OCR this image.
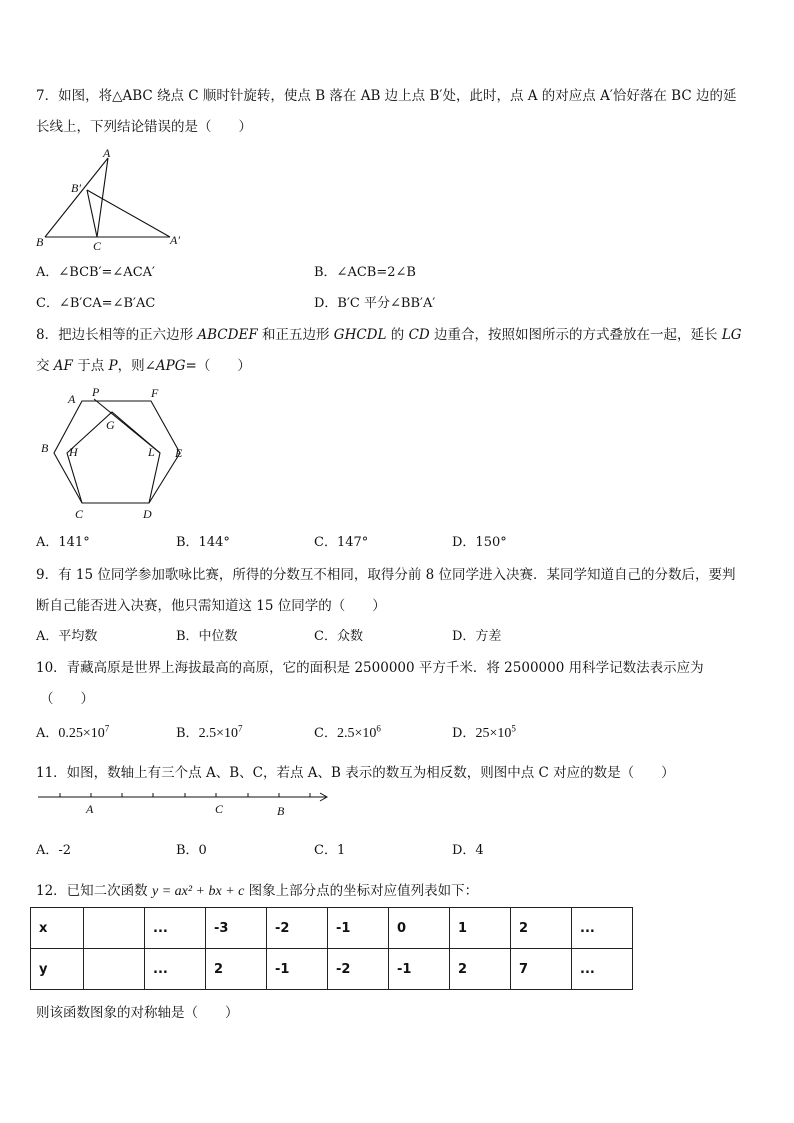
7．如图，将△ABC 绕点 C 顺时针旋转，使点 B 落在 AB 边上点 B′处，此时，点 A 的对应点 A′恰好落在 BC 边的延
长线上，下列结论错误的是（　　）
A
B′
B	C	A′
A．∠BCB′=∠ACA′	B．∠ACB=2∠B
C．∠B′CA=∠B′AC	D．B′C 平分∠BB′A′
8．把边长相等的正六边形 ABCDEF 和正五边形 GHCDL 的 CD 边重合，按照如图所示的方式叠放在一起，延长 LG
交 AF 于点 P，则∠APG=（　　）
A P	F
G
B H	L E
C	D
A．141°	B．144°	C．147°	D．150°
9．有 15 位同学参加歌咏比赛，所得的分数互不相同，取得分前 8 位同学进入决赛．某同学知道自己的分数后，要判
断自己能否进入决赛，他只需知道这 15 位同学的（　　）
A．平均数	B．中位数	C．众数	D．方差
10．青藏高原是世界上海拔最高的高原，它的面积是 2500000 平方千米．将 2500000 用科学记数法表示应为
（　　）
A．$0.25\times 10^7$	B．$2.5\times 10^7$	C．$2.5\times 10^6$	D．$25\times 10^5$
11．如图，数轴上有三个点 A、B、C，若点 A、B 表示的数互为相反数，则图中点 C 对应的数是（　　）
A	C	B
A．-2	B．0	C．1	D．4
12．已知二次函数 y = ax² + bx + c 图象上部分点的坐标对应值列表如下：
x		...	-3	-2	-1	0	1	2	...
y		...	2	-1	-2	-1	2	7	...
则该函数图象的对称轴是（　　）
